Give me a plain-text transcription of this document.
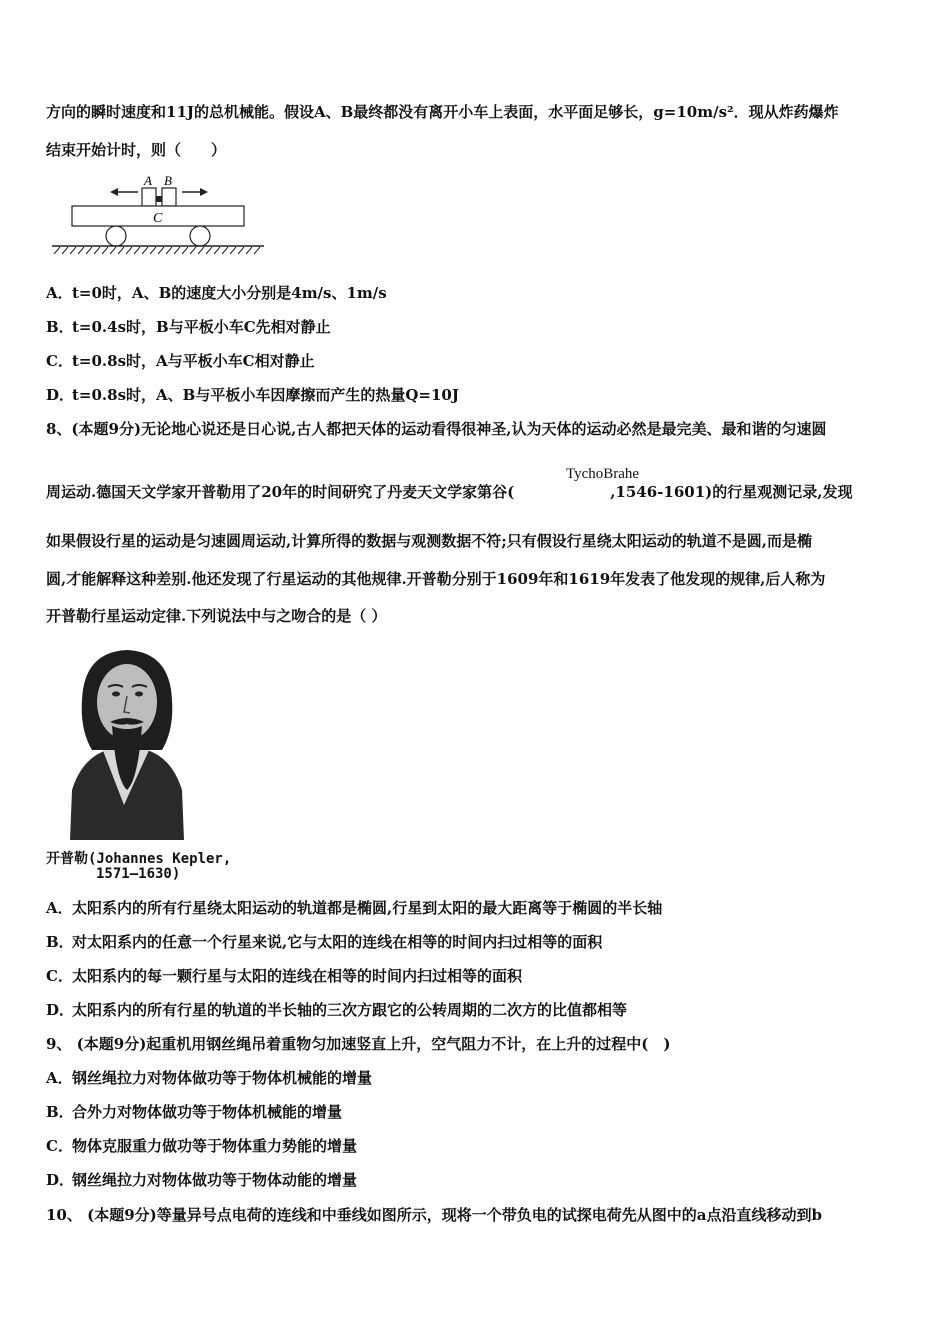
方向的瞬时速度和11J的总机械能。假设A、B最终都没有离开小车上表面，水平面足够长，g=10m/s²．现从炸药爆炸
结束开始计时，则（　　）
A B
C
A．t=0时，A、B的速度大小分别是4m/s、1m/s
B．t=0.4s时，B与平板小车C先相对静止
C．t=0.8s时，A与平板小车C相对静止
D．t=0.8s时，A、B与平板小车因摩擦而产生的热量Q=10J
8、(本题9分)无论地心说还是日心说,古人都把天体的运动看得很神圣,认为天体的运动必然是最完美、最和谐的匀速圆
周运动.德国天文学家开普勒用了20年的时间研究了丹麦天文学家第谷(	,1546-1601)的行星观测记录,发现
TychoBrahe
如果假设行星的运动是匀速圆周运动,计算所得的数据与观测数据不符;只有假设行星绕太阳运动的轨道不是圆,而是椭
圆,才能解释这种差别.他还发现了行星运动的其他规律.开普勒分别于1609年和1619年发表了他发现的规律,后人称为
开普勒行星运动定律.下列说法中与之吻合的是（ ）
开普勒(Johannes Kepler,
1571—1630)
A．太阳系内的所有行星绕太阳运动的轨道都是椭圆,行星到太阳的最大距离等于椭圆的半长轴
B．对太阳系内的任意一个行星来说,它与太阳的连线在相等的时间内扫过相等的面积
C．太阳系内的每一颗行星与太阳的连线在相等的时间内扫过相等的面积
D．太阳系内的所有行星的轨道的半长轴的三次方跟它的公转周期的二次方的比值都相等
9、 (本题9分)起重机用钢丝绳吊着重物匀加速竖直上升，空气阻力不计，在上升的过程中(　)
A．钢丝绳拉力对物体做功等于物体机械能的增量
B．合外力对物体做功等于物体机械能的增量
C．物体克服重力做功等于物体重力势能的增量
D．钢丝绳拉力对物体做功等于物体动能的增量
10、 (本题9分)等量异号点电荷的连线和中垂线如图所示，现将一个带负电的试探电荷先从图中的a点沿直线移动到b
